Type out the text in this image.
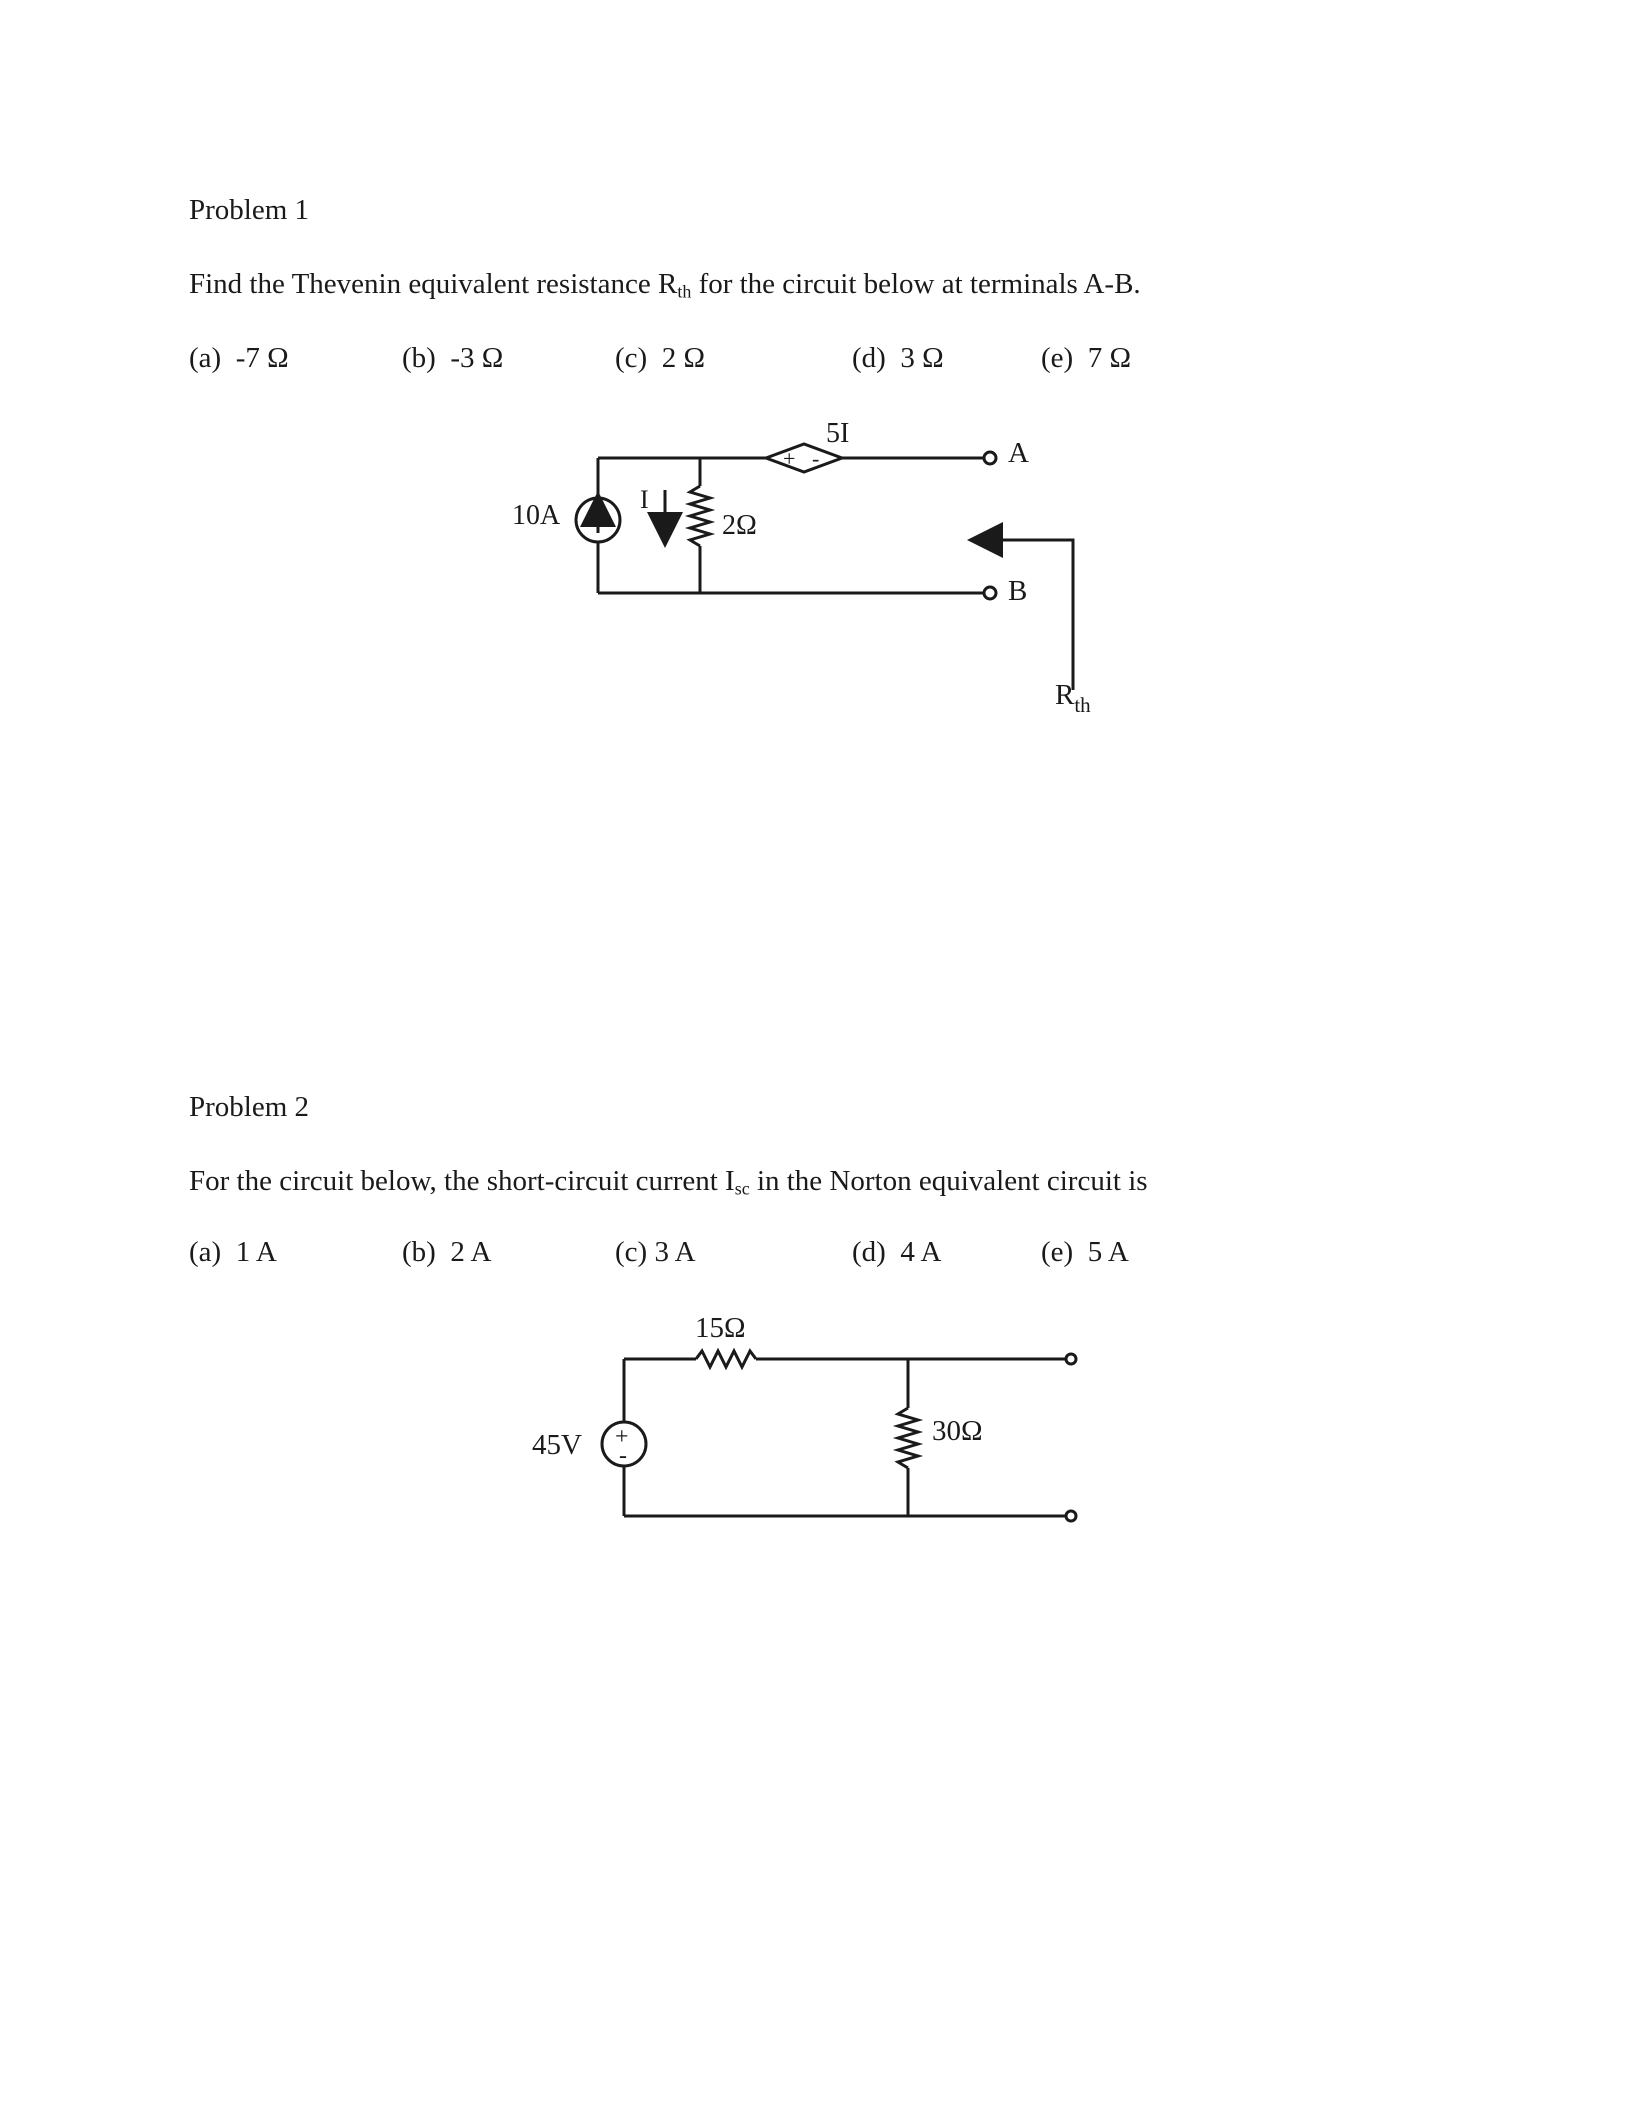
Problem 1
Find the Thevenin equivalent resistance $R_{th}$ for the circuit below at terminals A-B.
(a) -7 Ω	(b) -3 Ω	(c) 2 Ω	(d) 3 Ω	(e) 7 Ω
Problem 2
For the circuit below, the short-circuit current $I_{sc}$ in the Norton equivalent circuit is
(a) 1 A	(b) 2 A	(c) 3 A	(d) 4 A	(e) 5 A
+ -
10A
I
2Ω
5I
A
B
$R_{th}$
+
-
45V
15Ω
30Ω
